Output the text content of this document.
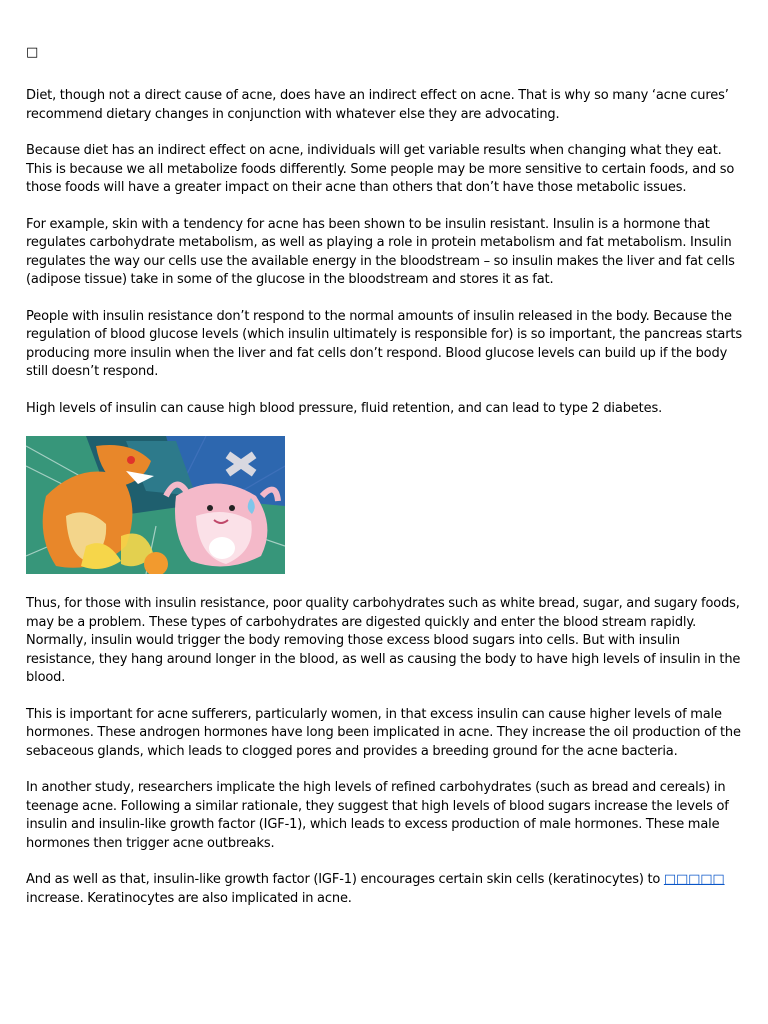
□

Diet, though not a direct cause of acne, does have an indirect effect on acne. That is why so many ‘acne cures’ recommend dietary changes in conjunction with whatever else they are advocating.

Because diet has an indirect effect on acne, individuals will get variable results when changing what they eat. This is because we all metabolize foods differently. Some people may be more sensitive to certain foods, and so those foods will have a greater impact on their acne than others that don’t have those metabolic issues.

For example, skin with a tendency for acne has been shown to be insulin resistant. Insulin is a hormone that regulates carbohydrate metabolism, as well as playing a role in protein metabolism and fat metabolism. Insulin regulates the way our cells use the available energy in the bloodstream – so insulin makes the liver and fat cells (adipose tissue) take in some of the glucose in the bloodstream and stores it as fat.

People with insulin resistance don’t respond to the normal amounts of insulin released in the body. Because the regulation of blood glucose levels (which insulin ultimately is responsible for) is so important, the pancreas starts producing more insulin when the liver and fat cells don’t respond. Blood glucose levels can build up if the body still doesn’t respond.

High levels of insulin can cause high blood pressure, fluid retention, and can lead to type 2 diabetes.

Thus, for those with insulin resistance, poor quality carbohydrates such as white bread, sugar, and sugary foods, may be a problem. These types of carbohydrates are digested quickly and enter the blood stream rapidly. Normally, insulin would trigger the body removing those excess blood sugars into cells. But with insulin resistance, they hang around longer in the blood, as well as causing the body to have high levels of insulin in the blood.

This is important for acne sufferers, particularly women, in that excess insulin can cause higher levels of male hormones. These androgen hormones have long been implicated in acne. They increase the oil production of the sebaceous glands, which leads to clogged pores and provides a breeding ground for the acne bacteria.

In another study, researchers implicate the high levels of refined carbohydrates (such as bread and cereals) in teenage acne. Following a similar rationale, they suggest that high levels of blood sugars increase the levels of insulin and insulin-like growth factor (IGF-1), which leads to excess production of male hormones. These male hormones then trigger acne outbreaks.

And as well as that, insulin-like growth factor (IGF-1) encourages certain skin cells (keratinocytes) to □□□□□ increase. Keratinocytes are also implicated in acne.
